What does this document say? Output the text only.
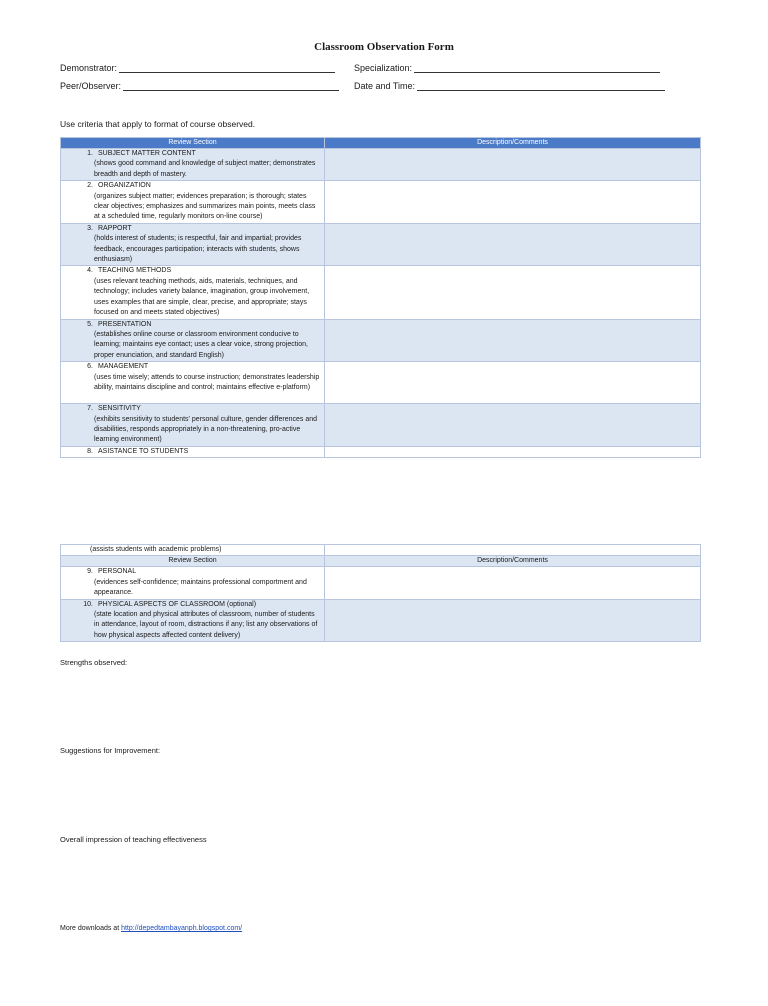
Classroom Observation Form
Demonstrator:	Specialization:
Peer/Observer:	Date and Time:
Use criteria that apply to format of course observed.
Review Section	Description/Comments

1. SUBJECT MATTER CONTENT
(shows good command and knowledge of subject matter; demonstrates breadth and depth of mastery.	

2. ORGANIZATION
(organizes subject matter; evidences preparation; is thorough; states clear objectives; emphasizes and summarizes main points, meets class at a scheduled time, regularly monitors on-line course)	

3. RAPPORT
(holds interest of students; is respectful, fair and impartial; provides feedback, encourages participation; interacts with students, shows enthusiasm)	

4. TEACHING METHODS
(uses relevant teaching methods, aids, materials, techniques, and technology; includes variety balance, imagination, group involvement, uses examples that are simple, clear, precise, and appropriate; stays focused on and meets stated objectives)	

5. PRESENTATION
(establishes online course or classroom environment conducive to learning; maintains eye contact; uses a clear voice, strong projection, proper enunciation, and standard English)	

6. MANAGEMENT
(uses time wisely; attends to course instruction; demonstrates leadership ability, maintains discipline and control; maintains effective e-platform)	

7. SENSITIVITY
(exhibits sensitivity to students' personal culture, gender differences and disabilities, responds appropriately in a non-threatening, pro-active learning environment)	

8. ASISTANCE TO STUDENTS	

(assists students with academic problems)	
Review Section	Description/Comments

9. PERSONAL
(evidences self-confidence; maintains professional comportment and appearance.	

10. PHYSICAL ASPECTS OF CLASSROOM (optional)
(state location and physical attributes of classroom, number of students in attendance, layout of room, distractions if any; list any observations of how physical aspects affected content delivery)	

Strengths observed:
Suggestions for Improvement:
Overall impression of teaching effectiveness
More downloads at http://depedtambayanph.blogspot.com/
